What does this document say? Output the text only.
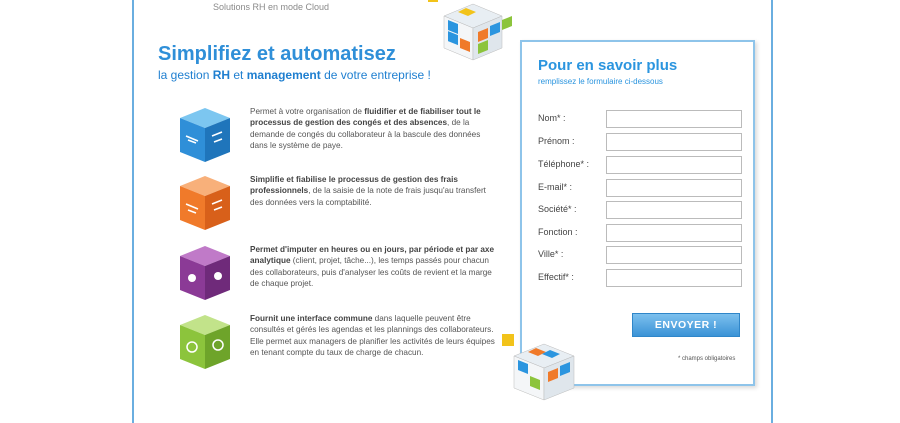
Solutions RH en mode Cloud
Simplifiez et automatisez
la gestion RH et management de votre entreprise !
Permet à votre organisation de fluidifier et de fiabiliser tout le processus de gestion des congés et des absences, de la demande de congés du collaborateur à la bascule des données dans le système de paye.
Simplifie et fiabilise le processus de gestion des frais professionnels, de la saisie de la note de frais jusqu'au transfert des données vers la comptabilité.
Permet d'imputer en heures ou en jours, par période et par axe analytique (client, projet, tâche...), les temps passés pour chacun des collaborateurs, puis d'analyser les coûts de revient et la marge de chaque projet.
Fournit une interface commune dans laquelle peuvent être consultés et gérés les agendas et les plannings des collaborateurs. Elle permet aux managers de planifier les activités de leurs équipes en tenant compte du taux de charge de chacun.
Pour en savoir plus
remplissez le formulaire ci-dessous
Nom* :
Prénom :
Téléphone* :
E-mail* :
Société* :
Fonction :
Ville* :
Effectif* :
ENVOYER !
* champs obligatoires
